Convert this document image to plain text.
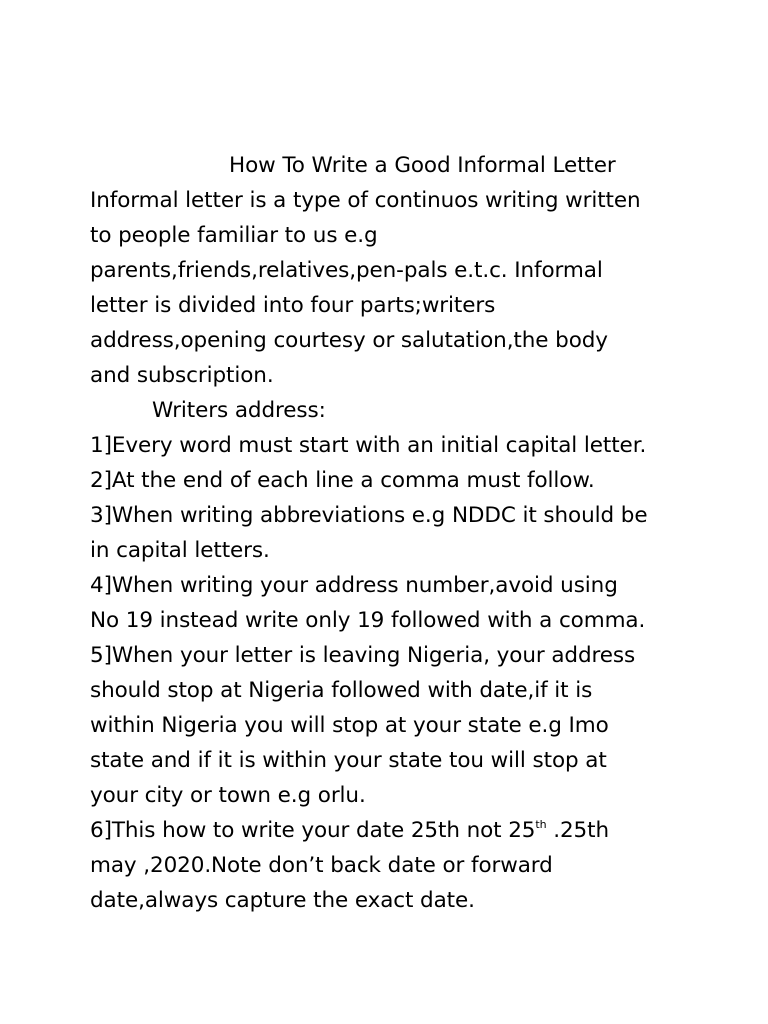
How To Write a Good Informal Letter
Informal letter is a type of continuos writing written
to people familiar to us e.g
parents,friends,relatives,pen-pals e.t.c. Informal
letter is divided into four parts;writers
address,opening courtesy or salutation,the body
and subscription.
Writers address:
1]Every word must start with an initial capital letter.
2]At the end of each line a comma must follow.
3]When writing abbreviations e.g NDDC it should be
in capital letters.
4]When writing your address number,avoid using
No 19 instead write only 19 followed with a comma.
5]When your letter is leaving Nigeria, your address
should stop at Nigeria followed with date,if it is
within Nigeria you will stop at your state e.g Imo
state and if it is within your state tou will stop at
your city or town e.g orlu.
6]This how to write your date 25th not 25th .25th
may ,2020.Note don’t back date or forward
date,always capture the exact date.
